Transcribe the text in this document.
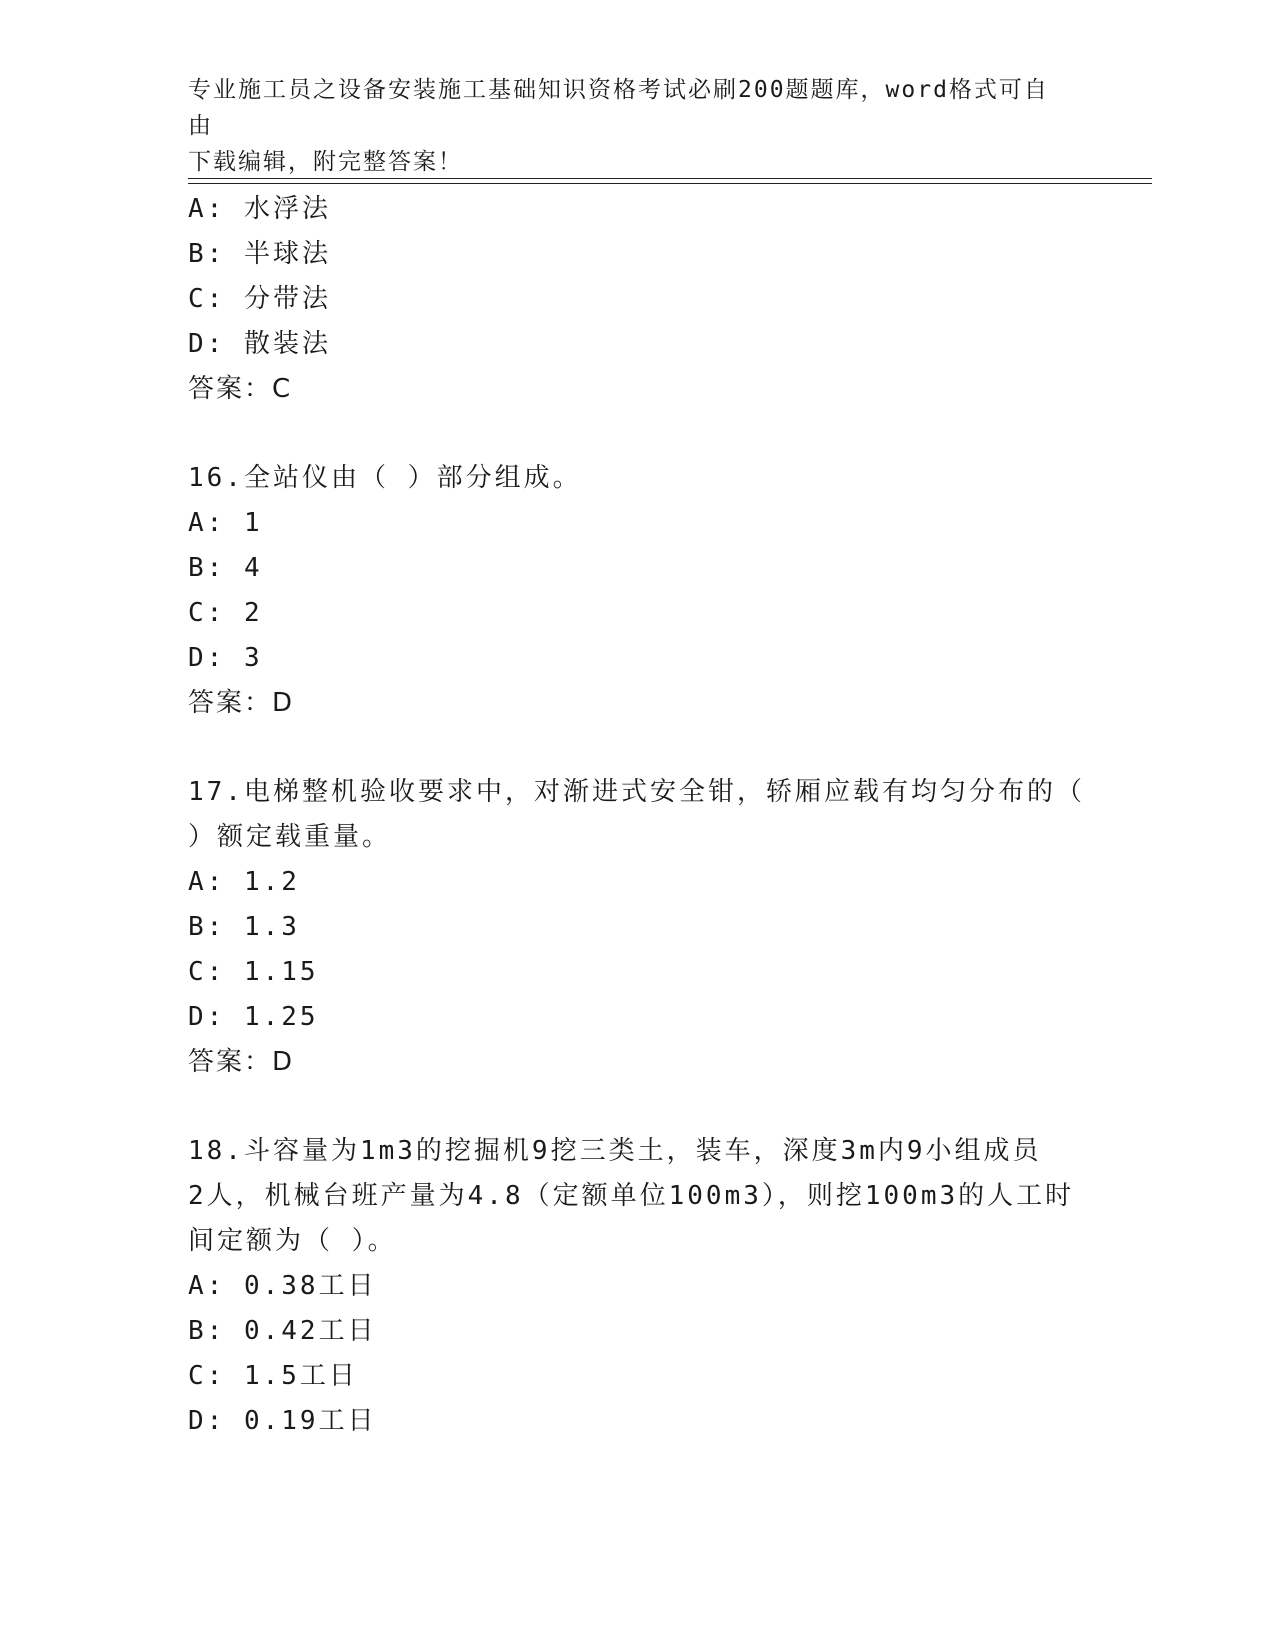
专业施工员之设备安装施工基础知识资格考试必刷200题题库，word格式可自由
下载编辑，附完整答案！
A: 水浮法
B: 半球法
C: 分带法
D: 散装法
答案：C
16.全站仪由（ ）部分组成。
A: 1
B: 4
C: 2
D: 3
答案：D
17.电梯整机验收要求中，对渐进式安全钳，轿厢应载有均匀分布的（
）额定载重量。
A: 1.2
B: 1.3
C: 1.15
D: 1.25
答案：D
18.斗容量为1m3的挖掘机9挖三类土，装车，深度3m内9小组成员
2人，机械台班产量为4.8（定额单位100m3），则挖100m3的人工时
间定额为（ ）。
A: 0.38工日
B: 0.42工日
C: 1.5工日
D: 0.19工日
